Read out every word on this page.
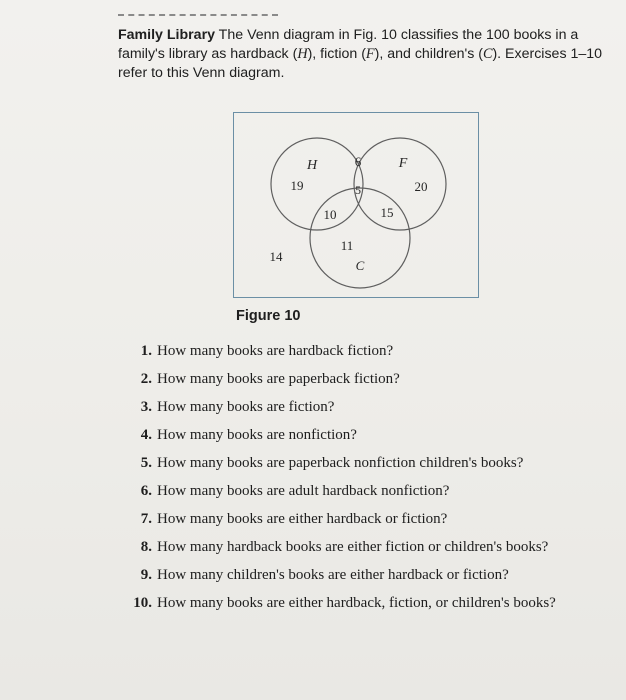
Family Library The Venn diagram in Fig. 10 classifies the 100 books in a family's library as hardback (H), fiction (F), and children's (C). Exercises 1–10 refer to this Venn diagram.
H	F
C
19
6
20
5
10	15
11
14
Figure 10
1. How many books are hardback fiction?
2. How many books are paperback fiction?
3. How many books are fiction?
4. How many books are nonfiction?
5. How many books are paperback nonfiction children's books?
6. How many books are adult hardback nonfiction?
7. How many books are either hardback or fiction?
8. How many hardback books are either fiction or children's books?
9. How many children's books are either hardback or fiction?
10. How many books are either hardback, fiction, or children's books?
